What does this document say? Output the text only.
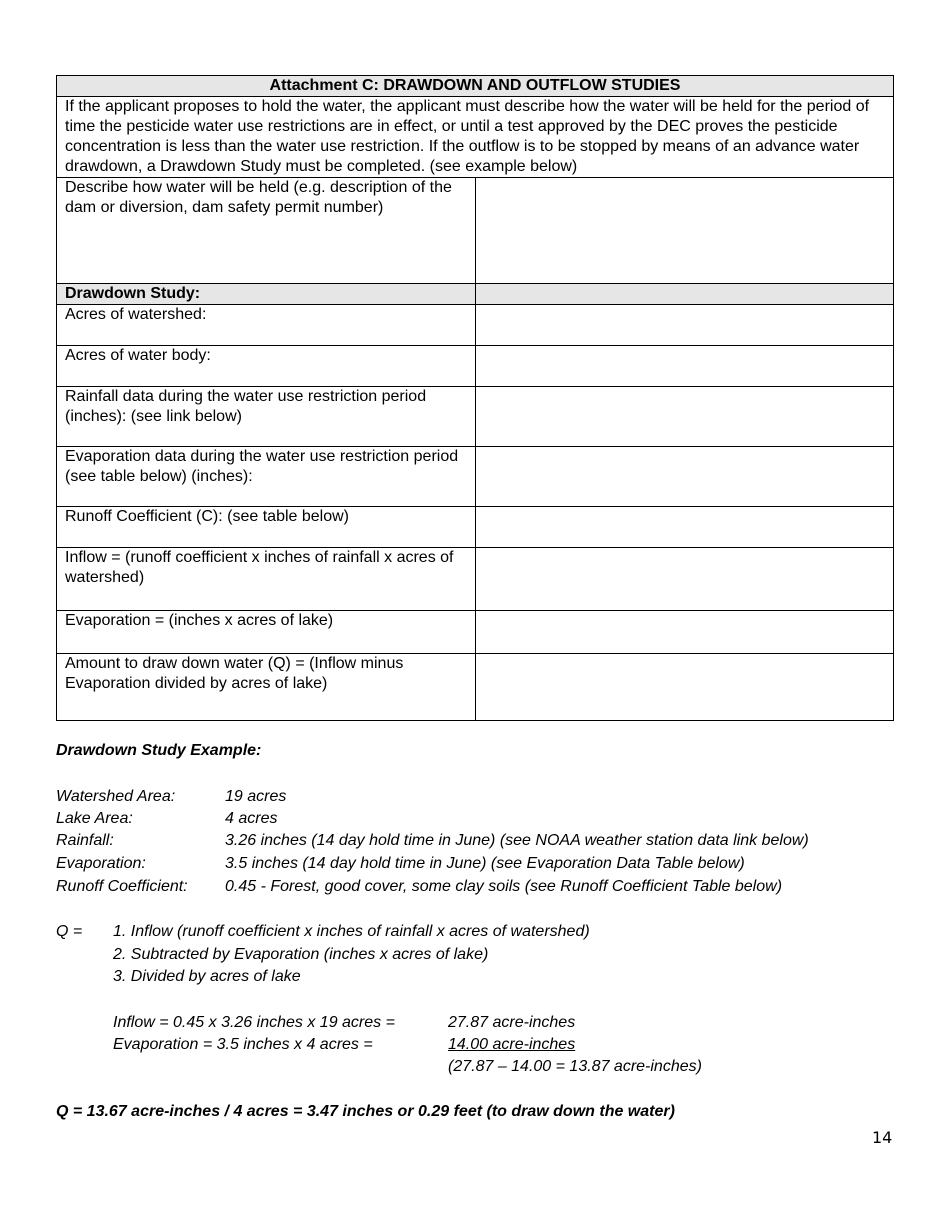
Attachment C: DRAWDOWN AND OUTFLOW STUDIES	
If the applicant proposes to hold the water, the applicant must describe how the water will be held for the period of time the pesticide water use restrictions are in effect, or until a test approved by the DEC proves the pesticide concentration is less than the water use restriction. If the outflow is to be stopped by means of an advance water drawdown, a Drawdown Study must be completed. (see example below)	
Describe how water will be held (e.g. description of the dam or diversion, dam safety permit number)	
Drawdown Study:	
Acres of watershed:	
Acres of water body:	
Rainfall data during the water use restriction period (inches): (see link below)	
Evaporation data during the water use restriction period (see table below) (inches):	
Runoff Coefficient (C): (see table below)	
Inflow = (runoff coefficient x inches of rainfall x acres of watershed)	
Evaporation = (inches x acres of lake)	
Amount to draw down water (Q) = (Inflow minus Evaporation divided by acres of lake)	
Drawdown Study Example:
Watershed Area:	19 acres
Lake Area:	4 acres
Rainfall:	3.26 inches (14 day hold time in June) (see NOAA weather station data link below)
Evaporation:	3.5 inches (14 day hold time in June) (see Evaporation Data Table below)
Runoff Coefficient: 0.45 - Forest, good cover, some clay soils (see Runoff Coefficient Table below)
Q = 1. Inflow (runoff coefficient x inches of rainfall x acres of watershed)
2. Subtracted by Evaporation (inches x acres of lake)
3. Divided by acres of lake
Inflow = 0.45 x 3.26 inches x 19 acres =	27.87 acre-inches
Evaporation = 3.5 inches x 4 acres =	14.00 acre-inches
(27.87 – 14.00 = 13.87 acre-inches)
Q = 13.67 acre-inches / 4 acres = 3.47 inches or 0.29 feet (to draw down the water)
14
